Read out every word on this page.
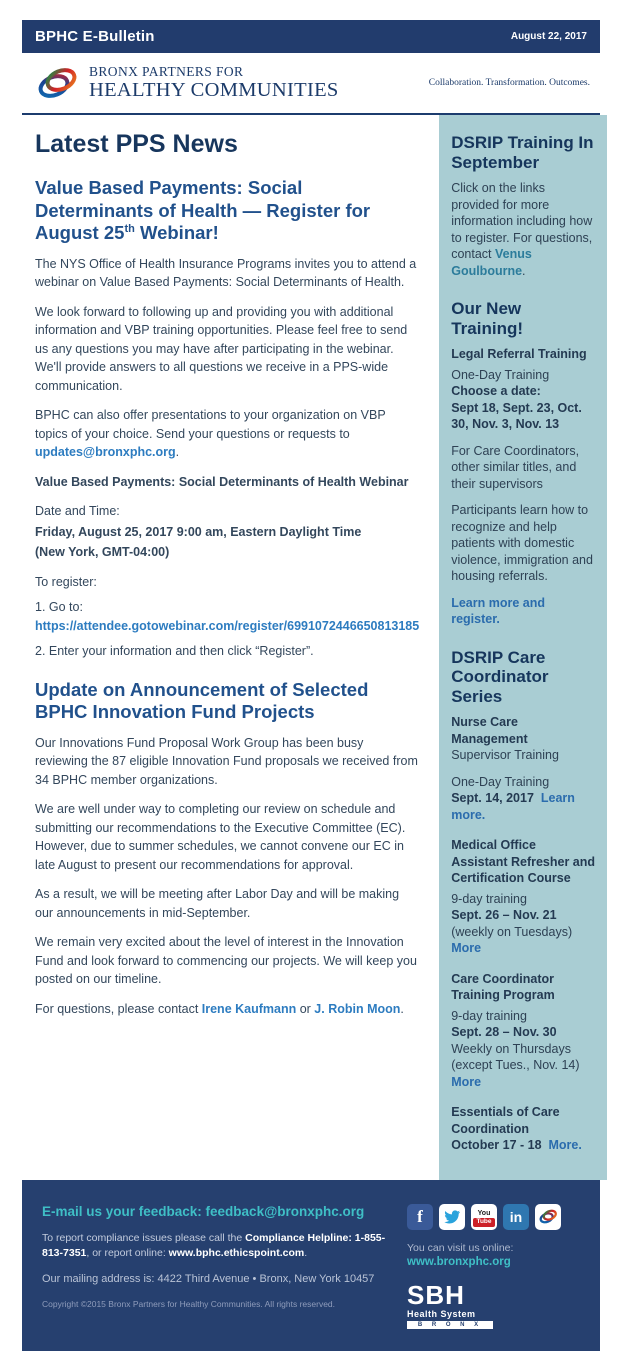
BPHC E-Bulletin	August 22, 2017
BRONX PARTNERS FOR
HEALTHY COMMUNITIES	Collaboration. Transformation. Outcomes.
Latest PPS News
Value Based Payments: Social Determinants of Health — Register for August 25th Webinar!

The NYS Office of Health Insurance Programs invites you to attend a webinar on Value Based Payments: Social Determinants of Health.

We look forward to following up and providing you with additional information and VBP training opportunities. Please feel free to send us any questions you may have after participating in the webinar. We'll provide answers to all questions we receive in a PPS-wide communication.

BPHC can also offer presentations to your organization on VBP topics of your choice. Send your questions or requests to updates@bronxphc.org.

Value Based Payments: Social Determinants of Health Webinar

Date and Time:

Friday, August 25, 2017 9:00 am, Eastern Daylight Time

(New York, GMT-04:00)

To register:

1. Go to: https://attendee.gotowebinar.com/register/6991072446650813185

2. Enter your information and then click “Register”.

Update on Announcement of Selected BPHC Innovation Fund Projects

Our Innovations Fund Proposal Work Group has been busy reviewing the 87 eligible Innovation Fund proposals we received from 34 BPHC member organizations.

We are well under way to completing our review on schedule and submitting our recommendations to the Executive Committee (EC). However, due to summer schedules, we cannot convene our EC in late August to present our recommendations for approval.

As a result, we will be meeting after Labor Day and will be making our announcements in mid-September.

We remain very excited about the level of interest in the Innovation Fund and look forward to commencing our projects. We will keep you posted on our timeline.

For questions, please contact Irene Kaufmann or J. Robin Moon.

DSRIP Training In September

Click on the links provided for more information including how to register. For questions, contact Venus Goulbourne.

Our New Training!

Legal Referral Training

One-Day Training
Choose a date:
Sept 18, Sept. 23, Oct. 30, Nov. 3, Nov. 13

For Care Coordinators, other similar titles, and their supervisors

Participants learn how to recognize and help patients with domestic violence, immigration and housing referrals.

Learn more and register.

DSRIP Care Coordinator Series

Nurse Care Management
Supervisor Training

One-Day Training
Sept. 14, 2017 Learn more.

Medical Office Assistant Refresher and Certification Course

9-day training
Sept. 26 – Nov. 21
(weekly on Tuesdays)  More

Care Coordinator Training Program

9-day training
Sept. 28 – Nov. 30
Weekly on Thursdays
(except Tues., Nov. 14)  More

Essentials of Care Coordination
October 17 - 18 More.

E-mail us your feedback: feedback@bronxphc.org
To report compliance issues please call the Compliance Helpline: 1-855-813-7351, or report online: www.bphc.ethicspoint.com.
Our mailing address is: 4422 Third Avenue • Bronx, New York 10457
Copyright ©2015 Bronx Partners for Healthy Communities. All rights reserved.
f	You
Tube	in
You can visit us online:
www.bronxphc.org
SBH
Health System
B R O N X
